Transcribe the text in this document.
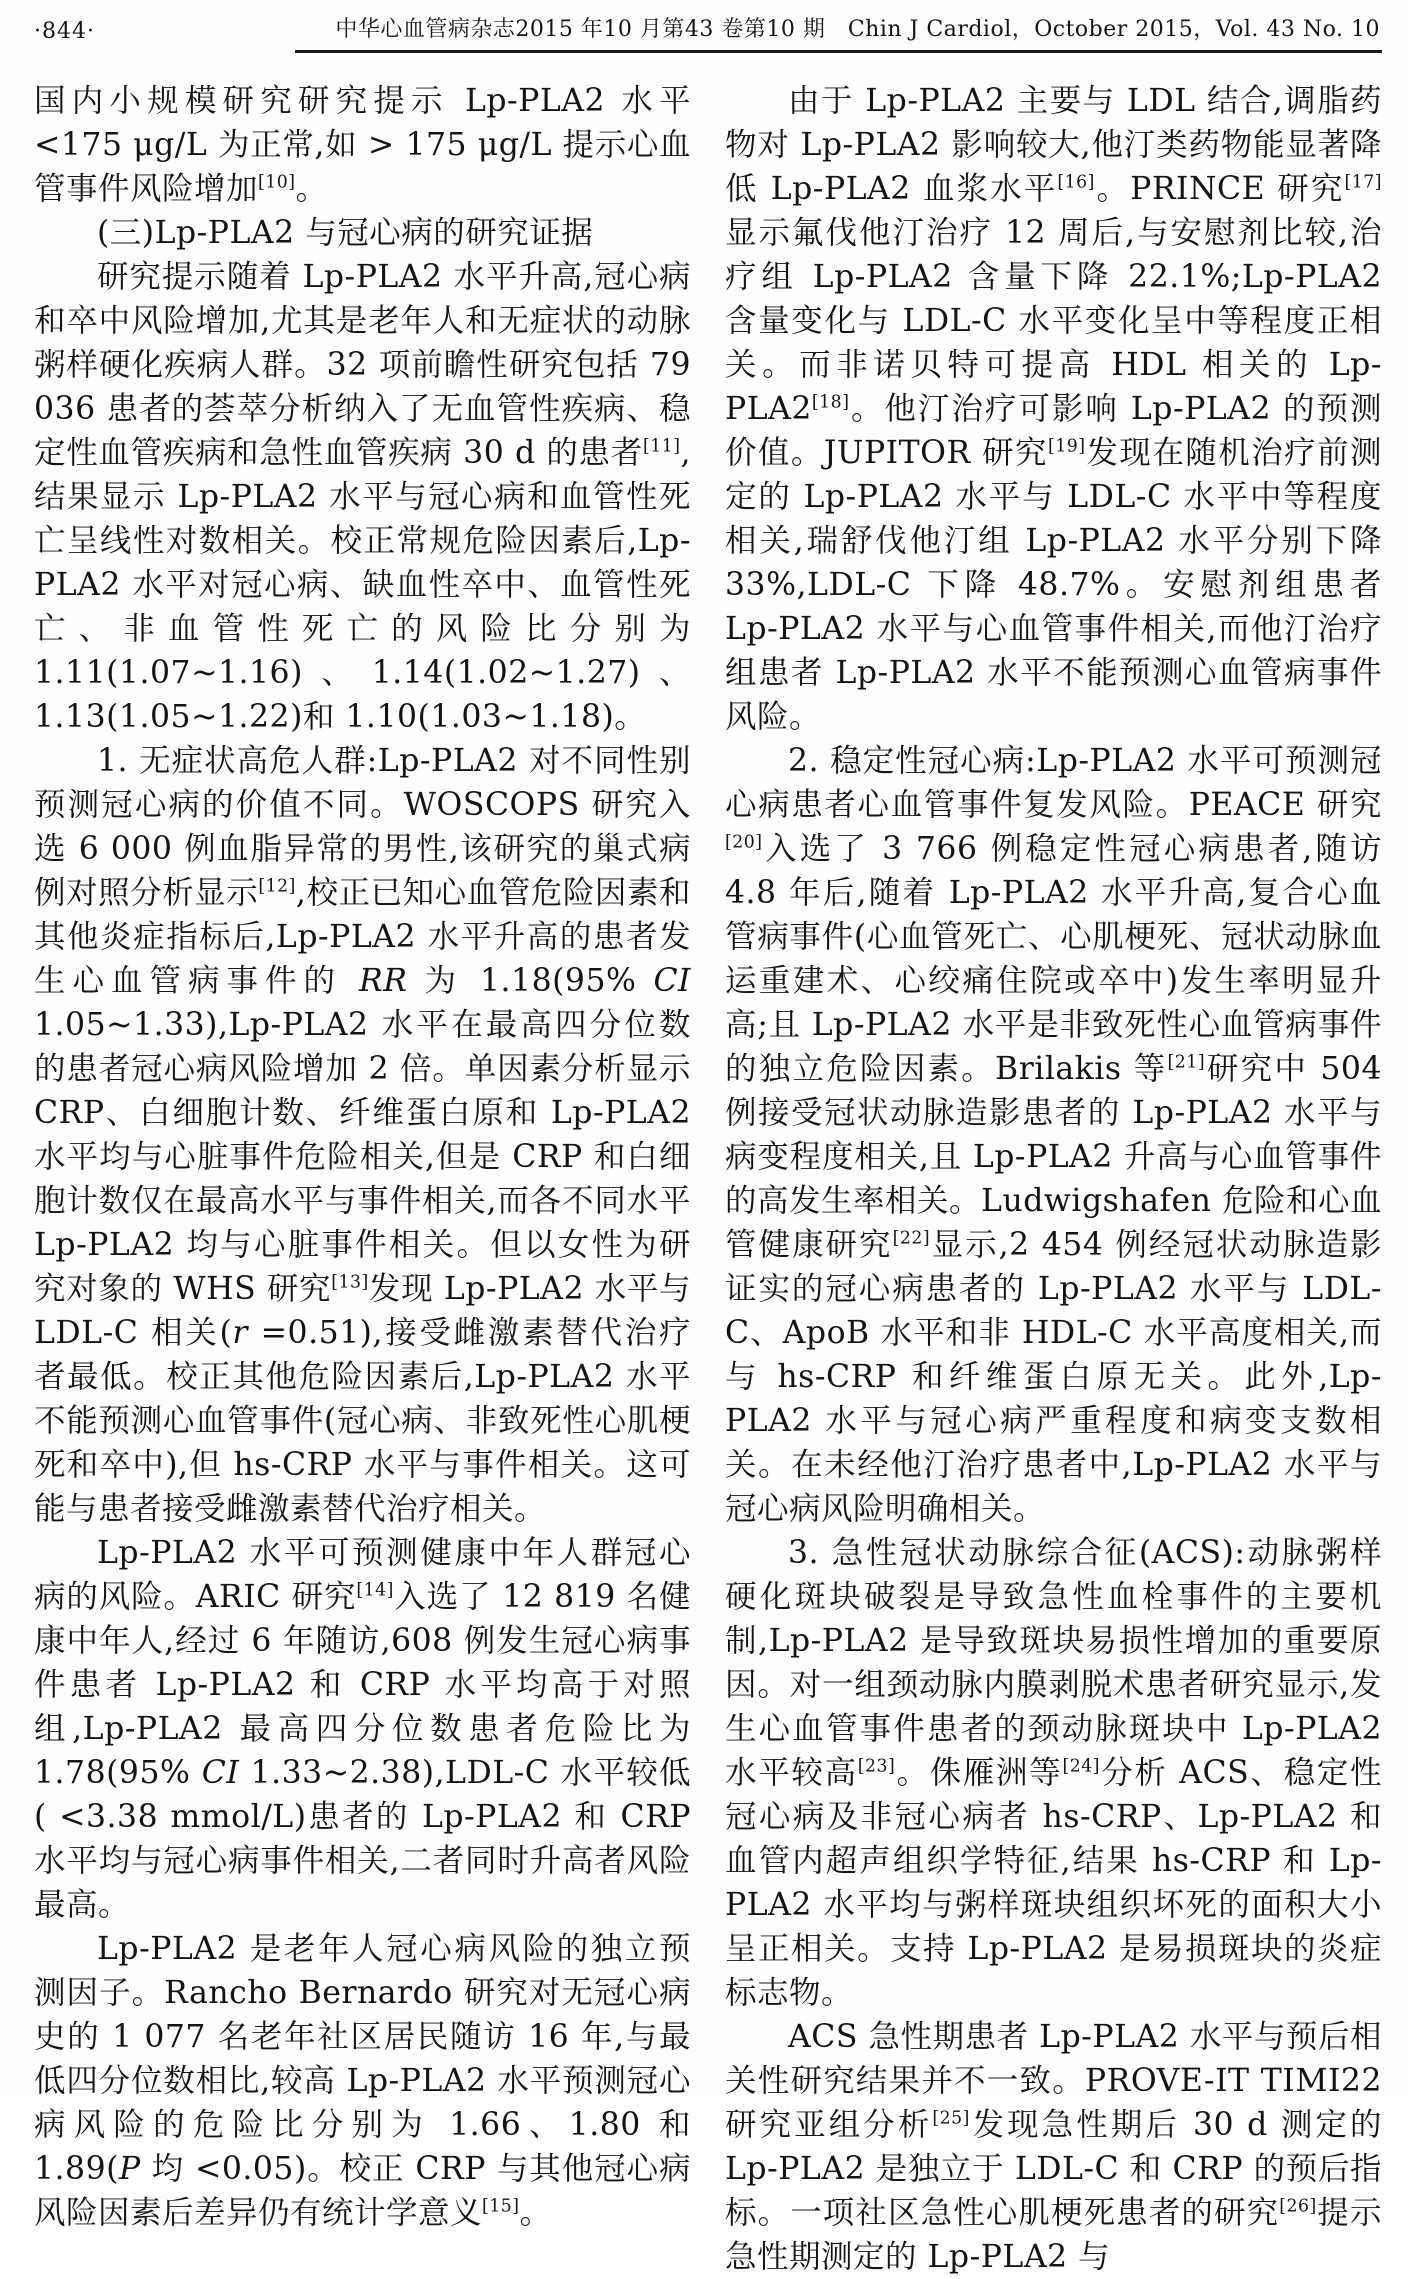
·844·	中华心血管病杂志2015 年10 月第43 卷第10 期　Chin J Cardiol，October 2015，Vol. 43 No. 10

国内小规模研究研究提示 Lp-PLA2 水平 <175 μg/L 为正常,如 > 175 μg/L 提示心血管事件风险增加[10]。

(三)Lp-PLA2 与冠心病的研究证据

研究提示随着 Lp-PLA2 水平升高,冠心病和卒中风险增加,尤其是老年人和无症状的动脉粥样硬化疾病人群。32 项前瞻性研究包括 79 036 患者的荟萃分析纳入了无血管性疾病、稳定性血管疾病和急性血管疾病 30 d 的患者[11],结果显示 Lp-PLA2 水平与冠心病和血管性死亡呈线性对数相关。校正常规危险因素后,Lp-PLA2 水平对冠心病、缺血性卒中、血管性死亡、非血管性死亡的风险比分别为 1.11(1.07~1.16)、1.14(1.02~1.27)、1.13(1.05~1.22)和 1.10(1.03~1.18)。

1. 无症状高危人群:Lp-PLA2 对不同性别预测冠心病的价值不同。WOSCOPS 研究入选 6 000 例血脂异常的男性,该研究的巢式病例对照分析显示[12],校正已知心血管危险因素和其他炎症指标后,Lp-PLA2 水平升高的患者发生心血管病事件的 RR 为 1.18(95% CI 1.05~1.33),Lp-PLA2 水平在最高四分位数的患者冠心病风险增加 2 倍。单因素分析显示 CRP、白细胞计数、纤维蛋白原和 Lp-PLA2 水平均与心脏事件危险相关,但是 CRP 和白细胞计数仅在最高水平与事件相关,而各不同水平 Lp-PLA2 均与心脏事件相关。但以女性为研究对象的 WHS 研究[13]发现 Lp-PLA2 水平与 LDL-C 相关(r =0.51),接受雌激素替代治疗者最低。校正其他危险因素后,Lp-PLA2 水平不能预测心血管事件(冠心病、非致死性心肌梗死和卒中),但 hs-CRP 水平与事件相关。这可能与患者接受雌激素替代治疗相关。

Lp-PLA2 水平可预测健康中年人群冠心病的风险。ARIC 研究[14]入选了 12 819 名健康中年人,经过 6 年随访,608 例发生冠心病事件患者 Lp-PLA2 和 CRP 水平均高于对照组,Lp-PLA2 最高四分位数患者危险比为 1.78(95% CI 1.33~2.38),LDL-C 水平较低( <3.38 mmol/L)患者的 Lp-PLA2 和 CRP 水平均与冠心病事件相关,二者同时升高者风险最高。

Lp-PLA2 是老年人冠心病风险的独立预测因子。Rancho Bernardo 研究对无冠心病史的 1 077 名老年社区居民随访 16 年,与最低四分位数相比,较高 Lp-PLA2 水平预测冠心病风险的危险比分别为 1.66、1.80 和 1.89(P 均 <0.05)。校正 CRP 与其他冠心病风险因素后差异仍有统计学意义[15]。

由于 Lp-PLA2 主要与 LDL 结合,调脂药物对 Lp-PLA2 影响较大,他汀类药物能显著降低 Lp-PLA2 血浆水平[16]。PRINCE 研究[17]显示氟伐他汀治疗 12 周后,与安慰剂比较,治疗组 Lp-PLA2 含量下降 22.1%;Lp-PLA2 含量变化与 LDL-C 水平变化呈中等程度正相关。而非诺贝特可提高 HDL 相关的 Lp-PLA2[18]。他汀治疗可影响 Lp-PLA2 的预测价值。JUPITOR 研究[19]发现在随机治疗前测定的 Lp-PLA2 水平与 LDL-C 水平中等程度相关,瑞舒伐他汀组 Lp-PLA2 水平分别下降 33%,LDL-C 下降 48.7%。安慰剂组患者 Lp-PLA2 水平与心血管事件相关,而他汀治疗组患者 Lp-PLA2 水平不能预测心血管病事件风险。

2. 稳定性冠心病:Lp-PLA2 水平可预测冠心病患者心血管事件复发风险。PEACE 研究[20]入选了 3 766 例稳定性冠心病患者,随访 4.8 年后,随着 Lp-PLA2 水平升高,复合心血管病事件(心血管死亡、心肌梗死、冠状动脉血运重建术、心绞痛住院或卒中)发生率明显升高;且 Lp-PLA2 水平是非致死性心血管病事件的独立危险因素。Brilakis 等[21]研究中 504 例接受冠状动脉造影患者的 Lp-PLA2 水平与病变程度相关,且 Lp-PLA2 升高与心血管事件的高发生率相关。Ludwigshafen 危险和心血管健康研究[22]显示,2 454 例经冠状动脉造影证实的冠心病患者的 Lp-PLA2 水平与 LDL-C、ApoB 水平和非 HDL-C 水平高度相关,而与 hs-CRP 和纤维蛋白原无关。此外,Lp-PLA2 水平与冠心病严重程度和病变支数相关。在未经他汀治疗患者中,Lp-PLA2 水平与冠心病风险明确相关。

3. 急性冠状动脉综合征(ACS):动脉粥样硬化斑块破裂是导致急性血栓事件的主要机制,Lp-PLA2 是导致斑块易损性增加的重要原因。对一组颈动脉内膜剥脱术患者研究显示,发生心血管事件患者的颈动脉斑块中 Lp-PLA2 水平较高[23]。侏雁洲等[24]分析 ACS、稳定性冠心病及非冠心病者 hs-CRP、Lp-PLA2 和血管内超声组织学特征,结果 hs-CRP 和 Lp-PLA2 水平均与粥样斑块组织坏死的面积大小呈正相关。支持 Lp-PLA2 是易损斑块的炎症标志物。

ACS 急性期患者 Lp-PLA2 水平与预后相关性研究结果并不一致。PROVE-IT TIMI22 研究亚组分析[25]发现急性期后 30 d 测定的 Lp-PLA2 是独立于 LDL-C 和 CRP 的预后指标。一项社区急性心肌梗死患者的研究[26]提示急性期测定的 Lp-PLA2 与
